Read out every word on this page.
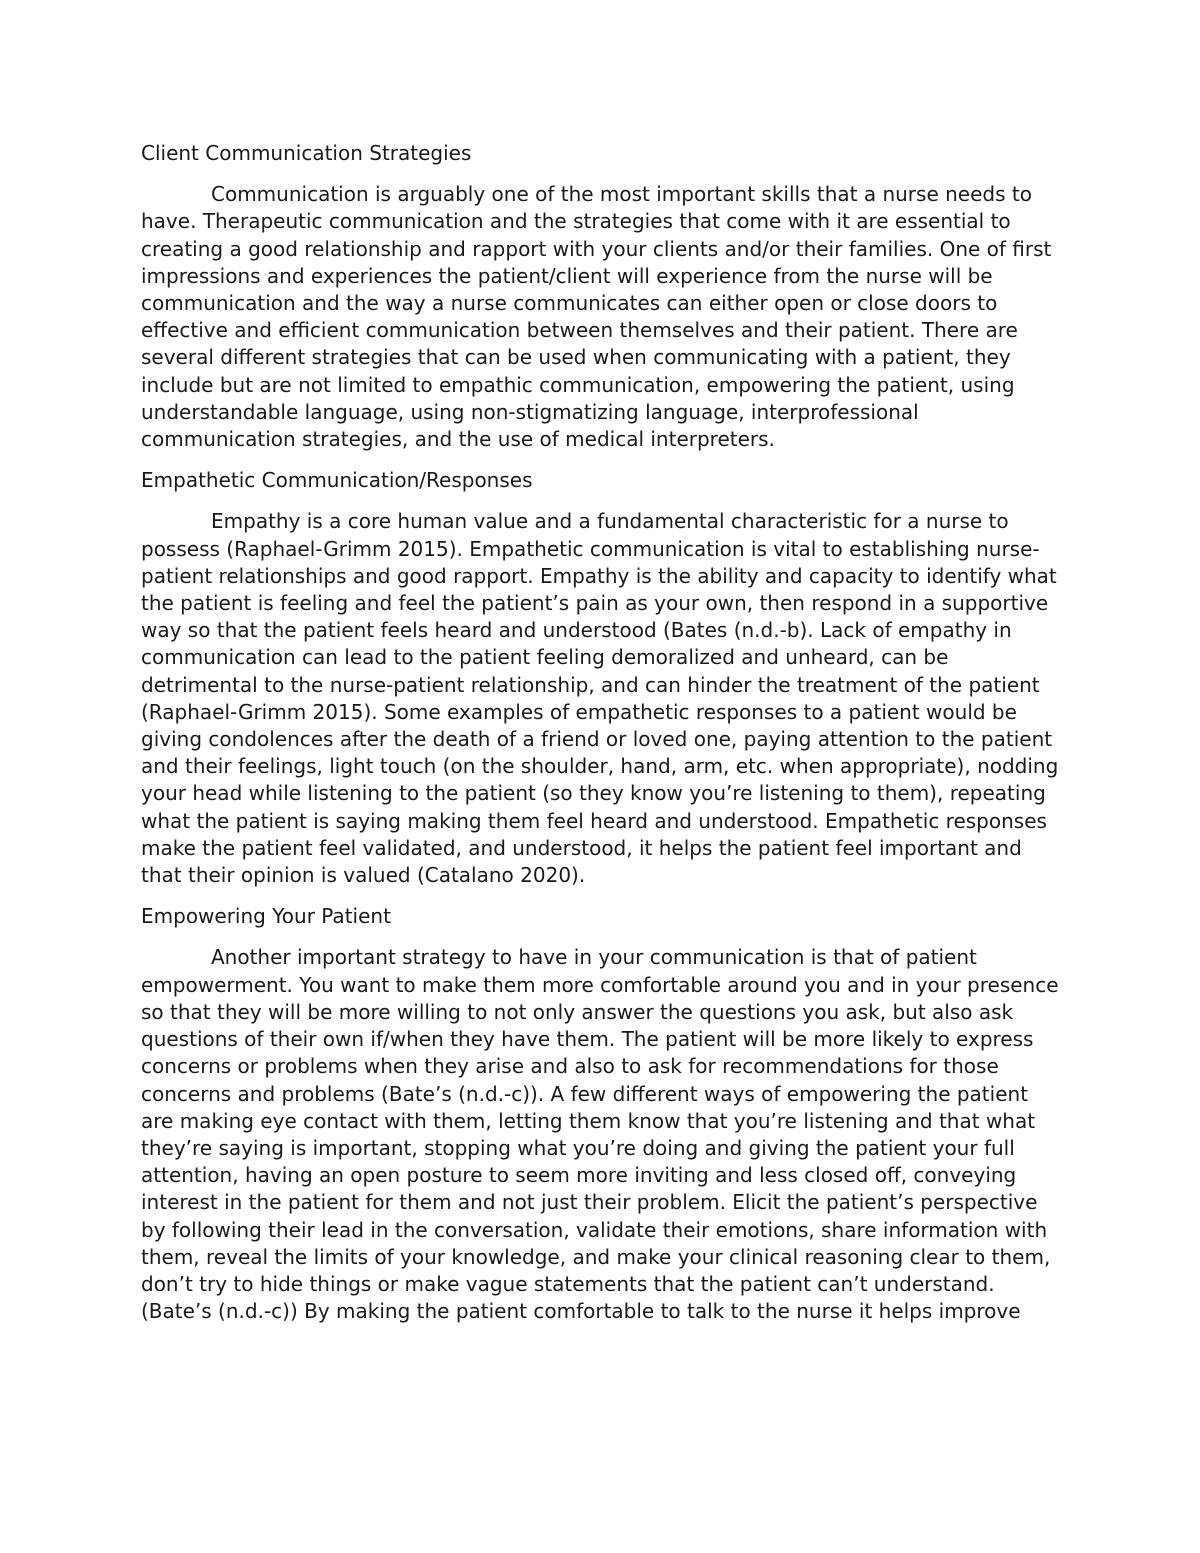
Client Communication Strategies

Communication is arguably one of the most important skills that a nurse needs to have. Therapeutic communication and the strategies that come with it are essential to creating a good relationship and rapport with your clients and/or their families. One of first impressions and experiences the patient/client will experience from the nurse will be communication and the way a nurse communicates can either open or close doors to effective and efficient communication between themselves and their patient. There are several different strategies that can be used when communicating with a patient, they include but are not limited to empathic communication, empowering the patient, using understandable language, using non-stigmatizing language, interprofessional communication strategies, and the use of medical interpreters.

Empathetic Communication/Responses

Empathy is a core human value and a fundamental characteristic for a nurse to possess (Raphael-Grimm 2015). Empathetic communication is vital to establishing nurse-patient relationships and good rapport. Empathy is the ability and capacity to identify what the patient is feeling and feel the patient’s pain as your own, then respond in a supportive way so that the patient feels heard and understood (Bates (n.d.-b). Lack of empathy in communication can lead to the patient feeling demoralized and unheard, can be detrimental to the nurse-patient relationship, and can hinder the treatment of the patient (Raphael-Grimm 2015). Some examples of empathetic responses to a patient would be giving condolences after the death of a friend or loved one, paying attention to the patient and their feelings, light touch (on the shoulder, hand, arm, etc. when appropriate), nodding your head while listening to the patient (so they know you’re listening to them), repeating what the patient is saying making them feel heard and understood. Empathetic responses make the patient feel validated, and understood, it helps the patient feel important and that their opinion is valued (Catalano 2020).

Empowering Your Patient

Another important strategy to have in your communication is that of patient empowerment. You want to make them more comfortable around you and in your presence so that they will be more willing to not only answer the questions you ask, but also ask questions of their own if/when they have them. The patient will be more likely to express concerns or problems when they arise and also to ask for recommendations for those concerns and problems (Bate’s (n.d.-c)). A few different ways of empowering the patient are making eye contact with them, letting them know that you’re listening and that what they’re saying is important, stopping what you’re doing and giving the patient your full attention, having an open posture to seem more inviting and less closed off, conveying interest in the patient for them and not just their problem. Elicit the patient’s perspective by following their lead in the conversation, validate their emotions, share information with them, reveal the limits of your knowledge, and make your clinical reasoning clear to them, don’t try to hide things or make vague statements that the patient can’t understand.(Bate’s (n.d.-c)) By making the patient comfortable to talk to the nurse it helps improve
